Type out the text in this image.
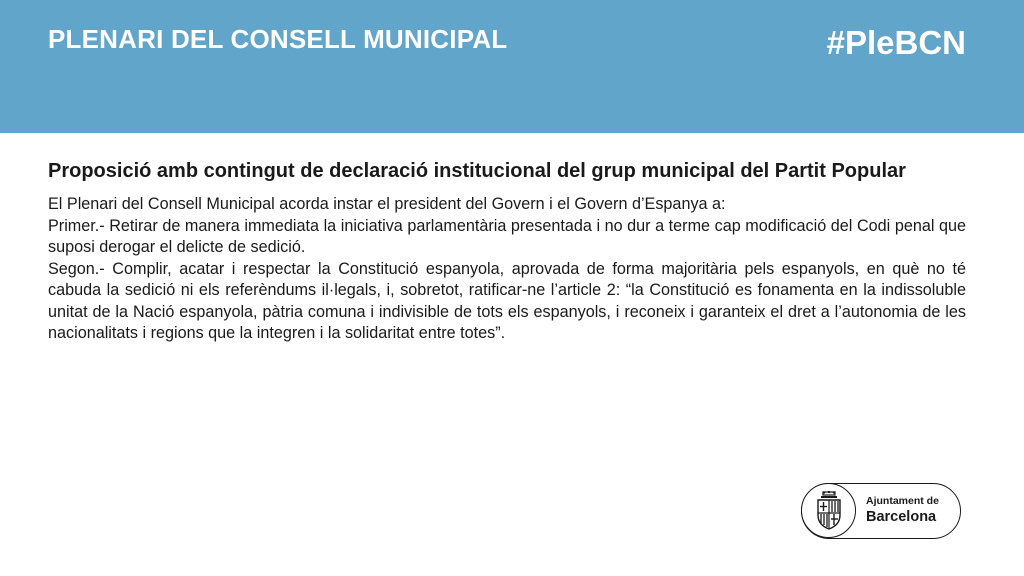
PLENARI DEL CONSELL MUNICIPAL	#PleBCN
Proposició amb contingut de declaració institucional del grup municipal del Partit Popular

El Plenari del Consell Municipal acorda instar el president del Govern i el Govern d’Espanya a:

Primer.- Retirar de manera immediata la iniciativa parlamentària presentada i no dur a terme cap modificació del Codi penal que suposi derogar el delicte de sedició.

Segon.- Complir, acatar i respectar la Constitució espanyola, aprovada de forma majoritària pels espanyols, en què no té cabuda la sedició ni els referèndums il·legals, i, sobretot, ratificar-ne l’article 2: “la Constitució es fonamenta en la indissoluble unitat de la Nació espanyola, pàtria comuna i indivisible de tots els espanyols, i reconeix i garanteix el dret a l’autonomia de les nacionalitats i regions que la integren i la solidaritat entre totes”.

Ajuntament de
Barcelona
